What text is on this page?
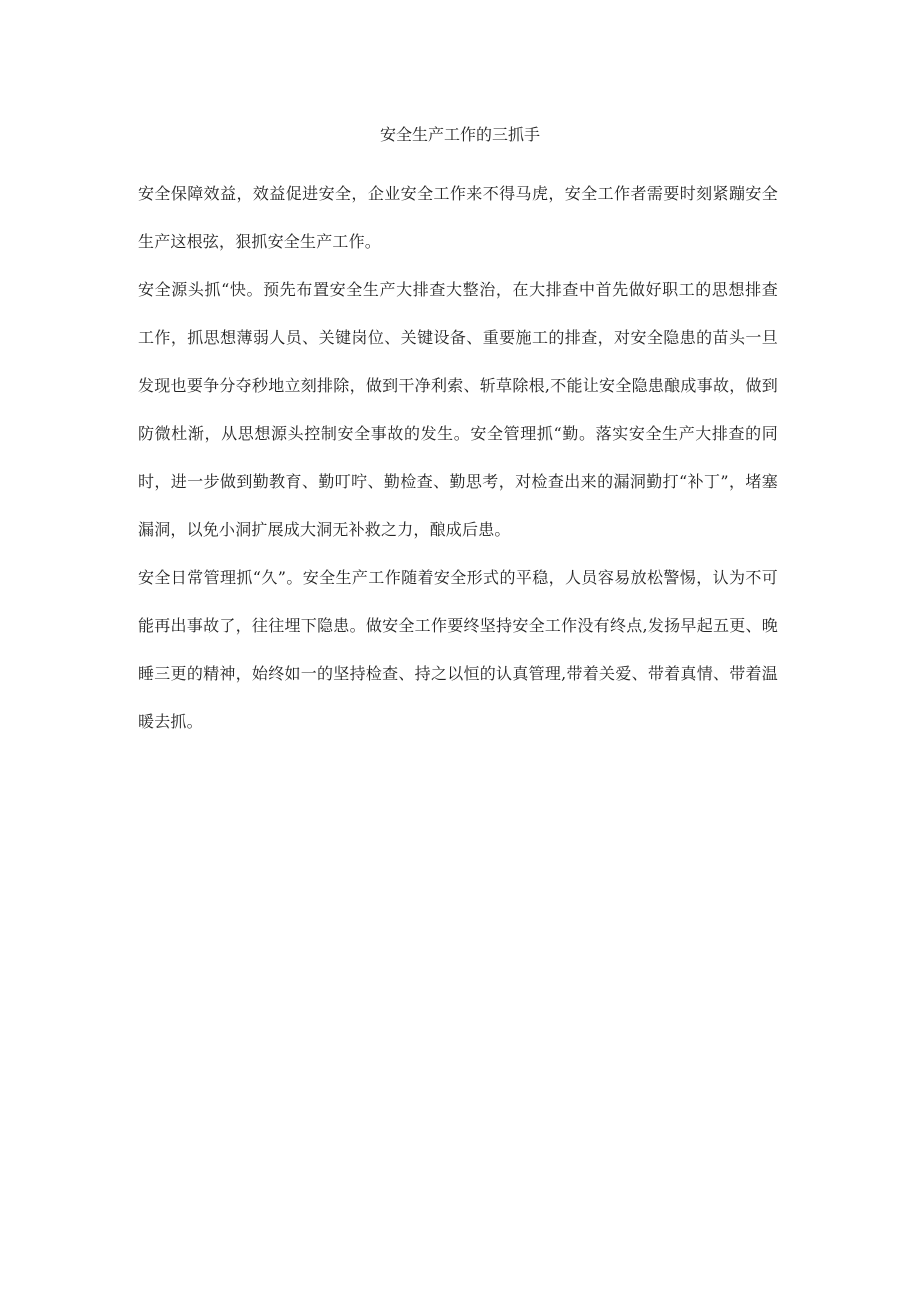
安全生产工作的三抓手

安全保障效益，效益促进安全，企业安全工作来不得马虎，安全工作者需要时刻紧蹦安全生产这根弦，狠抓安全生产工作。

安全源头抓“快。预先布置安全生产大排查大整治，在大排查中首先做好职工的思想排查工作，抓思想薄弱人员、关键岗位、关键设备、重要施工的排查，对安全隐患的苗头一旦发现也要争分夺秒地立刻排除，做到干净利索、斩草除根,不能让安全隐患酿成事故，做到防微杜渐，从思想源头控制安全事故的发生。安全管理抓“勤。落实安全生产大排查的同时，进一步做到勤教育、勤叮咛、勤检查、勤思考，对检查出来的漏洞勤打“补丁”，堵塞漏洞，以免小洞扩展成大洞无补救之力，酿成后患。

安全日常管理抓“久”。安全生产工作随着安全形式的平稳，人员容易放松警惕，认为不可能再出事故了，往往埋下隐患。做安全工作要终坚持安全工作没有终点,发扬早起五更、晚睡三更的精神，始终如一的坚持检查、持之以恒的认真管理,带着关爱、带着真情、带着温暖去抓。
